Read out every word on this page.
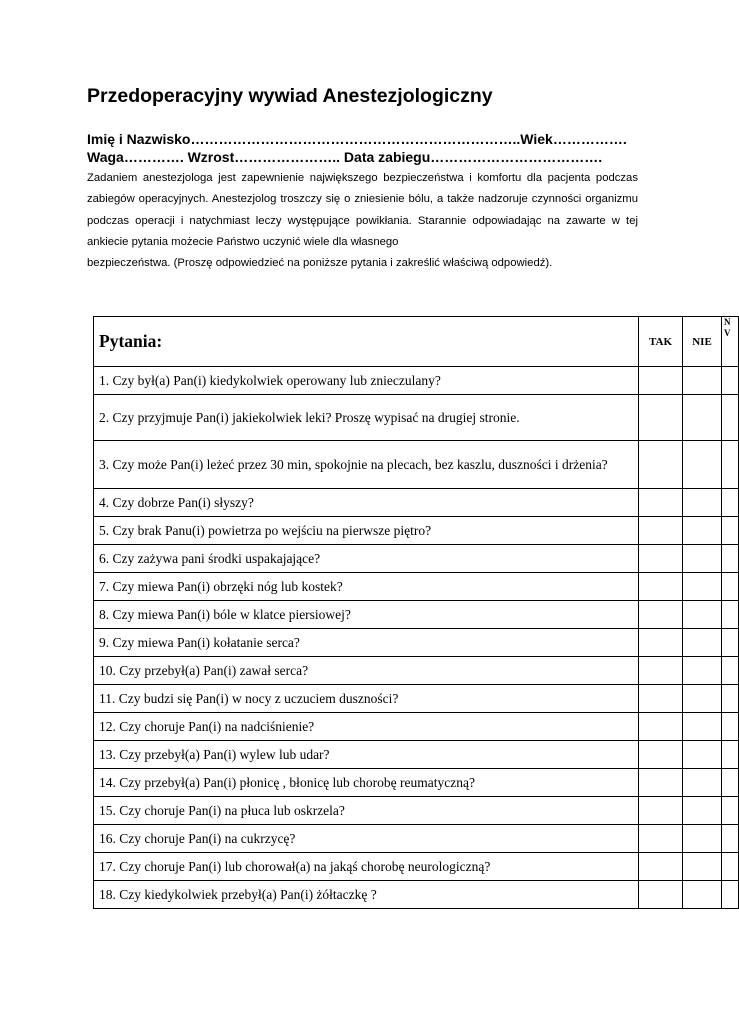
Przedoperacyjny wywiad Anestezjologiczny

Imię i Nazwisko……………………………………………………………..Wiek…………….

Waga…………. Wzrost………………….. Data zabiegu……………………………….

Zadaniem anestezjologa jest zapewnienie największego bezpieczeństwa i komfortu dla pacjenta podczas zabiegów operacyjnych. Anestezjolog troszczy się o zniesienie bólu, a także nadzoruje czynności organizmu podczas operacji i natychmiast leczy występujące powikłania. Starannie odpowiadając na zawarte w tej ankiecie pytania możecie Państwo uczynić wiele dla własnego
bezpieczeństwa. (Proszę odpowiedzieć na poniższe pytania i zakreślić właściwą odpowiedź).
Pytania:	TAK	NIE	N
V
1. Czy był(a) Pan(i) kiedykolwiek operowany lub znieczulany?			
2. Czy przyjmuje Pan(i) jakiekolwiek leki? Proszę wypisać na drugiej stronie.			
3. Czy może Pan(i) leżeć przez 30 min, spokojnie na plecach, bez kaszlu, duszności i drżenia?			
4. Czy dobrze Pan(i) słyszy?			
5. Czy brak Panu(i) powietrza po wejściu na pierwsze piętro?			
6. Czy zażywa pani środki uspakajające?			
7. Czy miewa Pan(i) obrzęki nóg lub kostek?			
8. Czy miewa Pan(i) bóle w klatce piersiowej?			
9. Czy miewa Pan(i) kołatanie serca?			
10. Czy przebył(a) Pan(i) zawał serca?			
11. Czy budzi się Pan(i) w nocy z uczuciem duszności?			
12. Czy choruje Pan(i) na nadciśnienie?			
13. Czy przebył(a) Pan(i) wylew lub udar?			
14. Czy przebył(a) Pan(i) płonicę , błonicę lub chorobę reumatyczną?			
15. Czy choruje Pan(i) na płuca lub oskrzela?			
16. Czy choruje Pan(i) na cukrzycę?			
17. Czy choruje Pan(i) lub chorował(a) na jakąś chorobę neurologiczną?			
18. Czy kiedykolwiek przebył(a) Pan(i) żółtaczkę ?			
